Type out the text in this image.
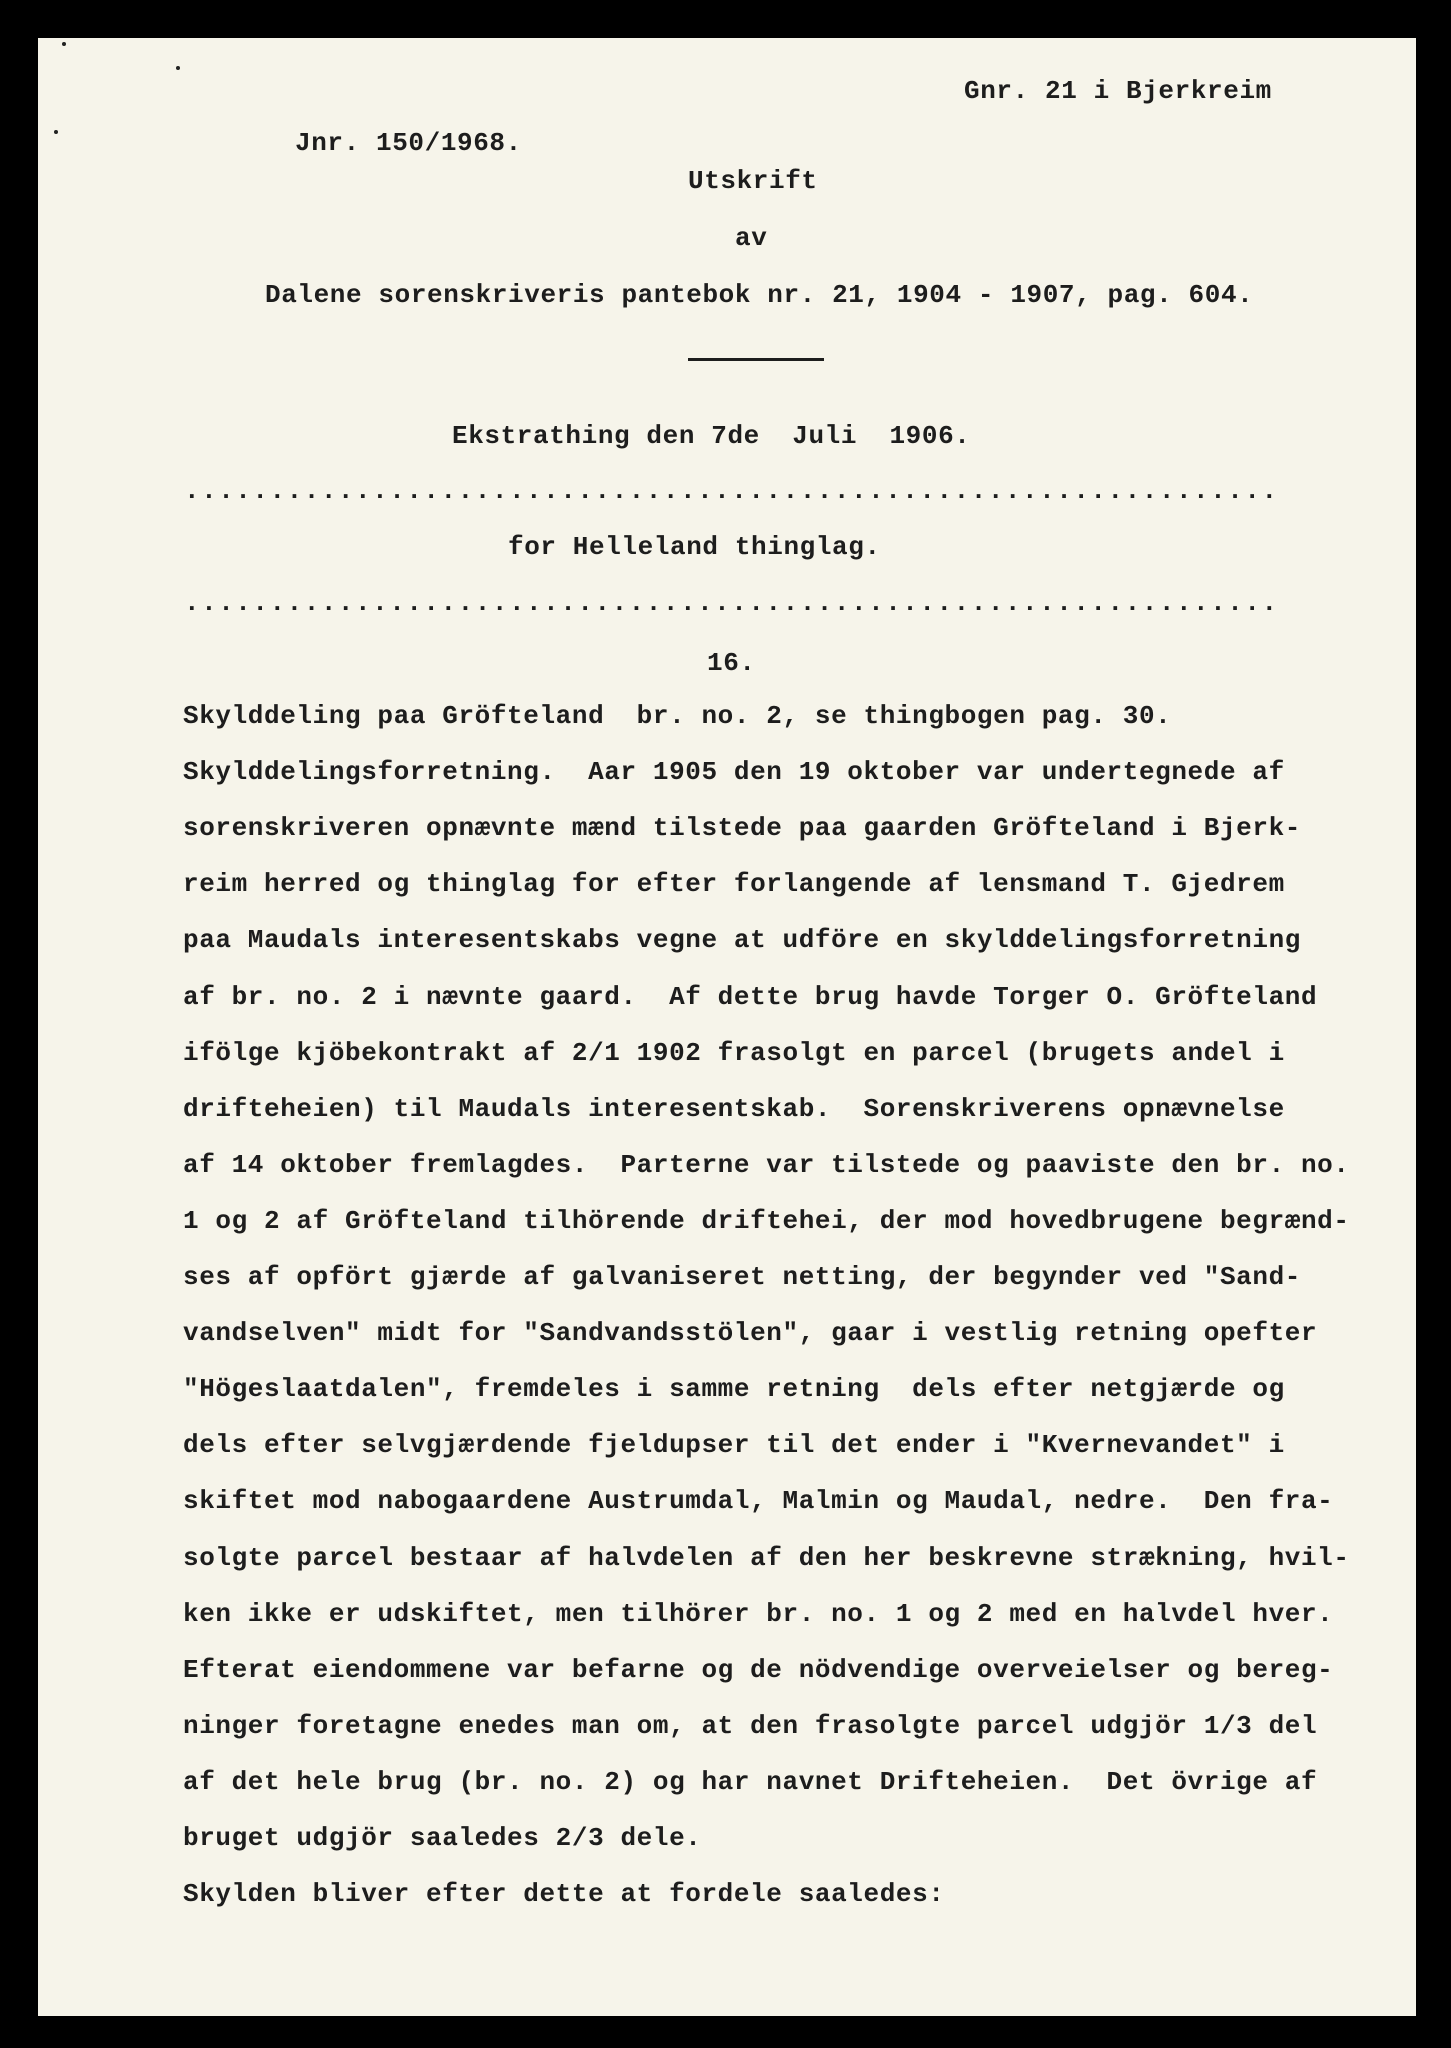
Gnr. 21 i Bjerkreim

Jnr. 150/1968.

Utskrift

av

Dalene sorenskriveris pantebok nr. 21, 1904 - 1907, pag. 604.

Ekstrathing den 7de  Juli  1906.

................................................................

for Helleland thinglag.

................................................................

16.

Skylddeling paa Gröfteland  br. no. 2, se thingbogen pag. 30.

Skylddelingsforretning.  Aar 1905 den 19 oktober var undertegnede af

sorenskriveren opnævnte mænd tilstede paa gaarden Gröfteland i Bjerk-

reim herred og thinglag for efter forlangende af lensmand T. Gjedrem

paa Maudals interesentskabs vegne at udföre en skylddelingsforretning

af br. no. 2 i nævnte gaard.  Af dette brug havde Torger O. Gröfteland

ifölge kjöbekontrakt af 2/1 1902 frasolgt en parcel (brugets andel i

drifteheien) til Maudals interesentskab.  Sorenskriverens opnævnelse

af 14 oktober fremlagdes.  Parterne var tilstede og paaviste den br. no.

1 og 2 af Gröfteland tilhörende driftehei, der mod hovedbrugene begrænd-

ses af opfört gjærde af galvaniseret netting, der begynder ved "Sand-

vandselven" midt for "Sandvandsstölen", gaar i vestlig retning opefter

"Högeslaatdalen", fremdeles i samme retning  dels efter netgjærde og

dels efter selvgjærdende fjeldupser til det ender i "Kvernevandet" i

skiftet mod nabogaardene Austrumdal, Malmin og Maudal, nedre.  Den fra-

solgte parcel bestaar af halvdelen af den her beskrevne strækning, hvil-

ken ikke er udskiftet, men tilhörer br. no. 1 og 2 med en halvdel hver.

Efterat eiendommene var befarne og de nödvendige overveielser og bereg-

ninger foretagne enedes man om, at den frasolgte parcel udgjör 1/3 del

af det hele brug (br. no. 2) og har navnet Drifteheien.  Det övrige af

bruget udgjör saaledes 2/3 dele.

Skylden bliver efter dette at fordele saaledes:
